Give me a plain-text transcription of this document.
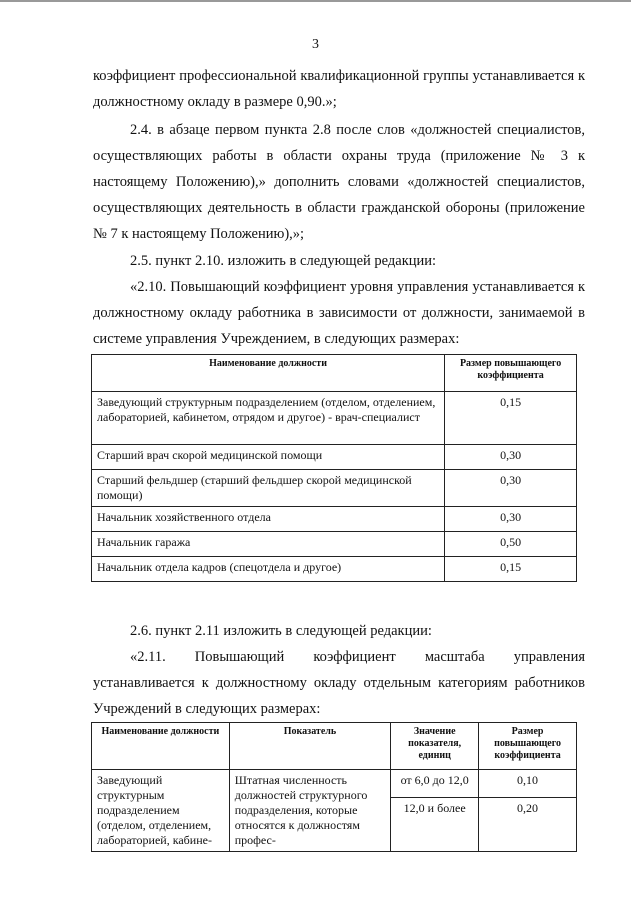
3

коэффициент профессиональной квалификационной группы устанавливается к должностному окладу в размере 0,90.»;

2.4. в абзаце первом пункта 2.8 после слов «должностей специалистов, осуществляющих работы в области охраны труда (приложение № 3 к настоящему Положению),» дополнить словами «должностей специалистов, осуществляющих деятельность в области гражданской обороны (приложение № 7 к настоящему Положению),»;

2.5. пункт 2.10. изложить в следующей редакции:

«2.10. Повышающий коэффициент уровня управления устанавливается к должностному окладу работника в зависимости от должности, занимаемой в системе управления Учреждением, в следующих размерах:

Наименование должности	Размер повышающего коэффициента
Заведующий структурным подразделением (отделом, отделением, лабораторией, кабинетом, отрядом и другое) - врач-специалист	0,15
Старший врач скорой медицинской помощи	0,30
Старший фельдшер (старший фельдшер скорой медицинской помощи)	0,30
Начальник хозяйственного отдела	0,30
Начальник гаража	0,50
Начальник отдела кадров (спецотдела и другое)	0,15

2.6. пункт 2.11 изложить в следующей редакции:

«2.11. Повышающий коэффициент масштаба управления устанавливается к должностному окладу отдельным категориям работников Учреждений в следующих размерах:

Наименование должности	Показатель	Значение показателя, единиц	Размер повышающего коэффициента
Заведующий структурным подразделением (отделом, отделением, лабораторией, кабине-	Штатная численность должностей структурного подразделения, которые относятся к должностям профес-	от 6,0 до 12,0	0,10
		12,0 и более	0,20
